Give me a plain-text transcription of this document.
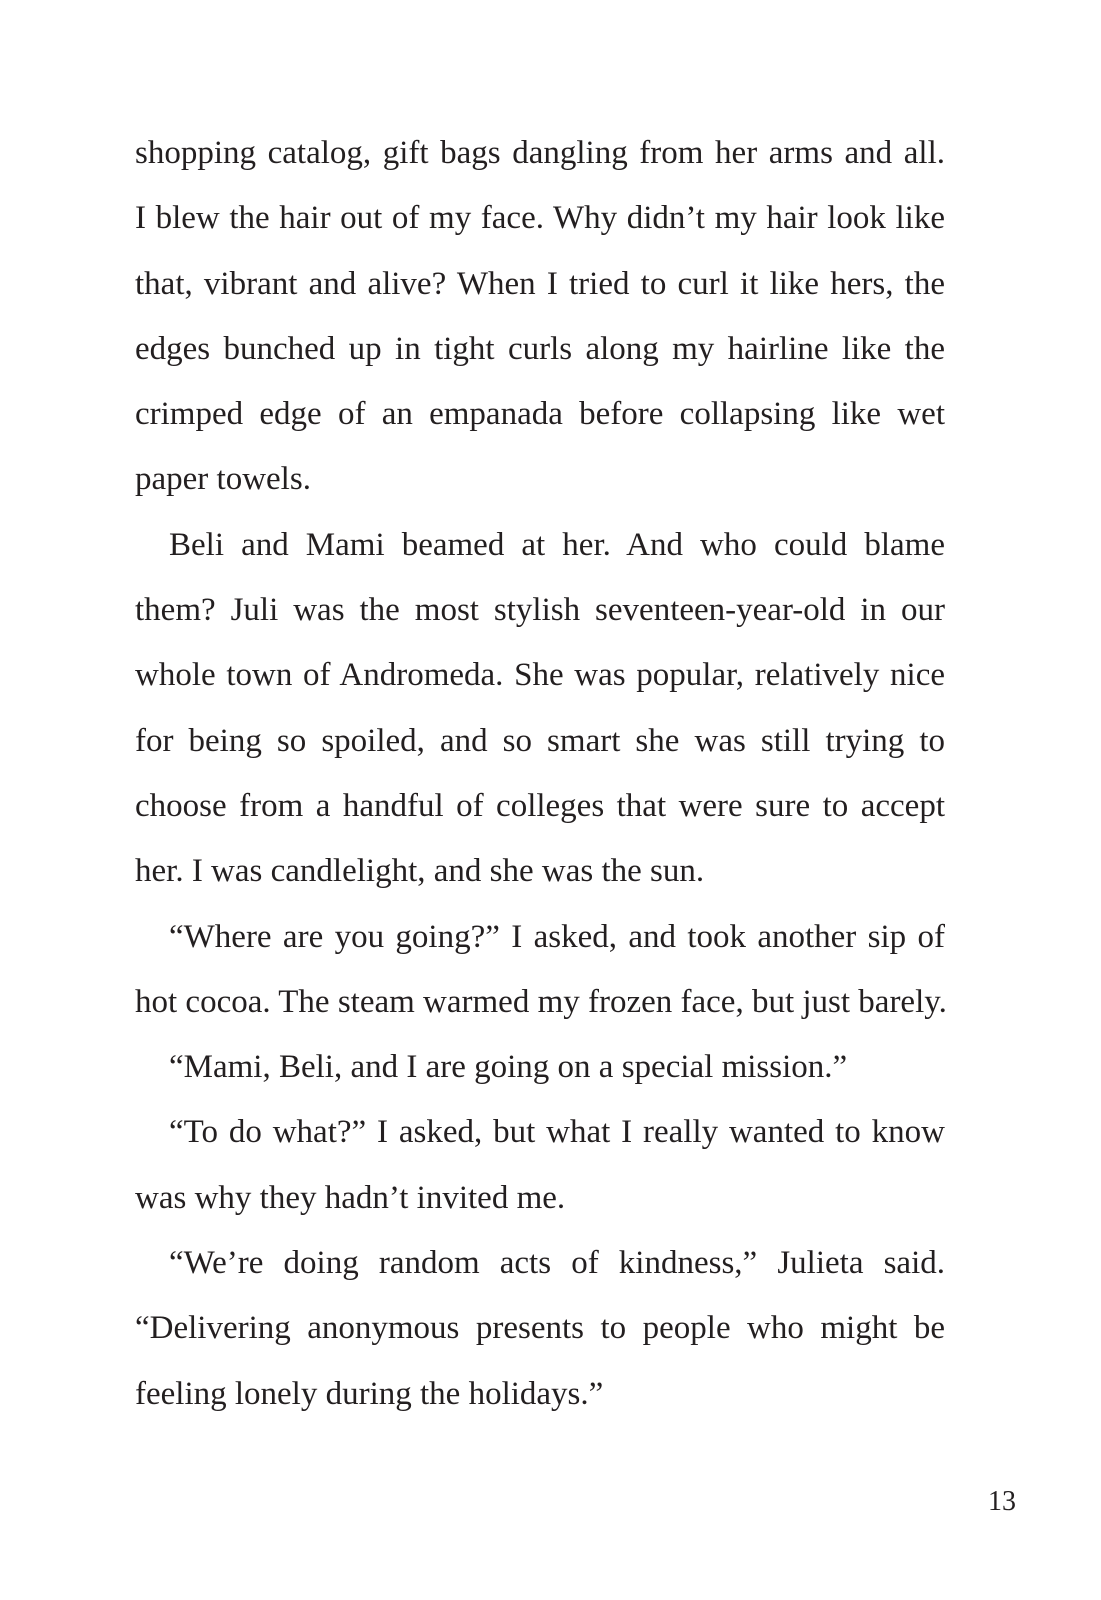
shopping catalog, gift bags dangling from her arms and all.
I blew the hair out of my face. Why didn’t my hair look like
that, vibrant and alive? When I tried to curl it like hers, the
edges bunched up in tight curls along my hairline like the
crimped edge of an empanada before collapsing like wet
paper towels.
Beli and Mami beamed at her. And who could blame
them? Juli was the most stylish seventeen-year-old in our
whole town of Andromeda. She was popular, relatively nice
for being so spoiled, and so smart she was still trying to
choose from a handful of colleges that were sure to accept
her. I was candlelight, and she was the sun.
“Where are you going?” I asked, and took another sip of
hot cocoa. The steam warmed my frozen face, but just barely.
“Mami, Beli, and I are going on a special mission.”
“To do what?” I asked, but what I really wanted to know
was why they hadn’t invited me.
“We’re doing random acts of kindness,” Julieta said.
“Delivering anonymous presents to people who might be
feeling lonely during the holidays.”
13
